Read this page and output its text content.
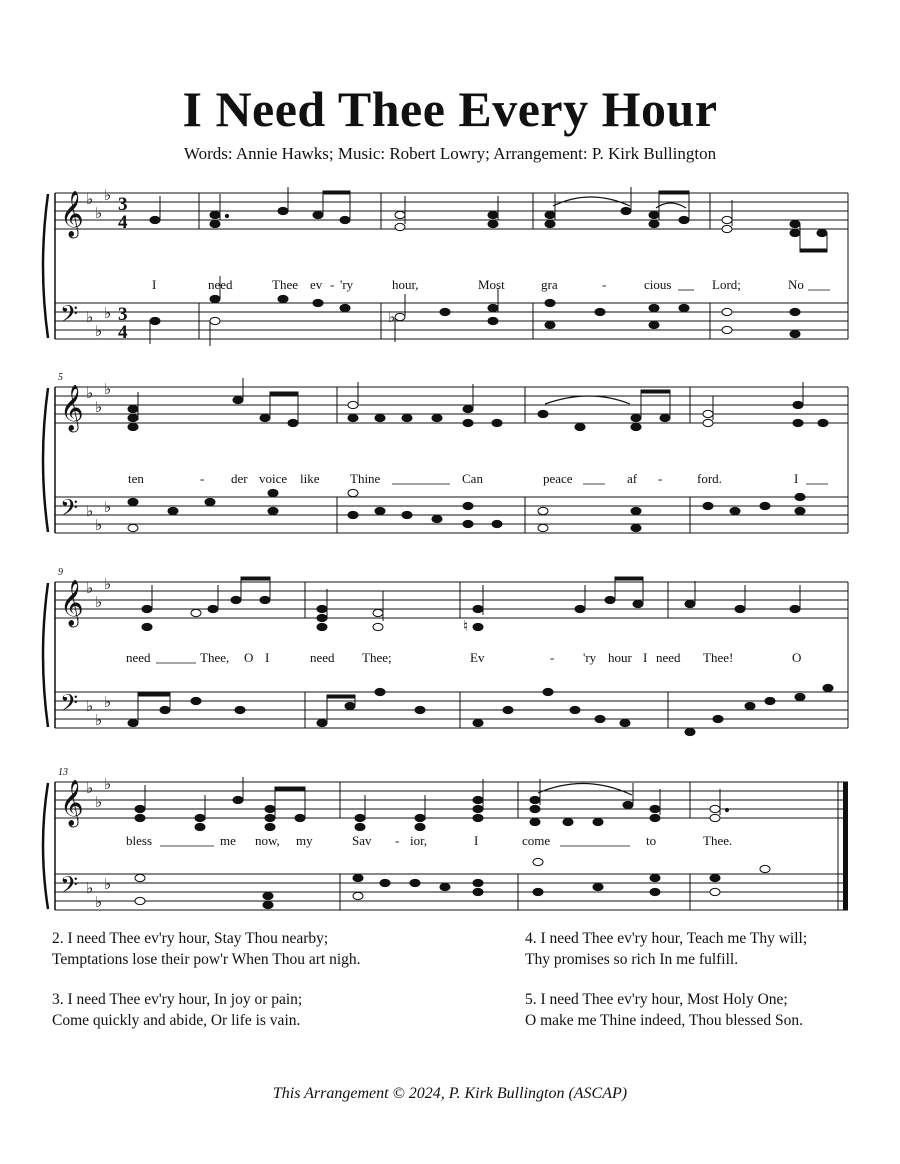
I Need Thee Every Hour
Words: Annie Hawks; Music: Robert Lowry; Arrangement: P. Kirk Bullington
𝄞
𝄢
♭
♭
♭
♭
♭
♭
3
4
3
4
♭
I	need	Thee ev - 'ry	hour,	Most	gra	-	cious	Lord;	No
5
𝄞
𝄢
♭
♭
♭
♭
♭
♭
ten	- der voice like Thine	Can	peace	af -	ford.	I
9
𝄞
𝄢
♭
♭
♭
♭
♭
♭
♮
need	Thee, O I	need Thee;	Ev	- 'ry hour I need Thee!	O
13
𝄞
𝄢
♭
♭
♭
♭
♭
♭
bless	me now, my	Sav - ior,	I	come	to	Thee.
2. I need Thee ev'ry hour, Stay Thou nearby;
Temptations lose their pow'r When Thou art nigh.
3. I need Thee ev'ry hour, In joy or pain;
Come quickly and abide, Or life is vain.
4. I need Thee ev'ry hour, Teach me Thy will;
Thy promises so rich In me fulfill.
5. I need Thee ev'ry hour, Most Holy One;
O make me Thine indeed, Thou blessed Son.
This Arrangement © 2024, P. Kirk Bullington (ASCAP)
